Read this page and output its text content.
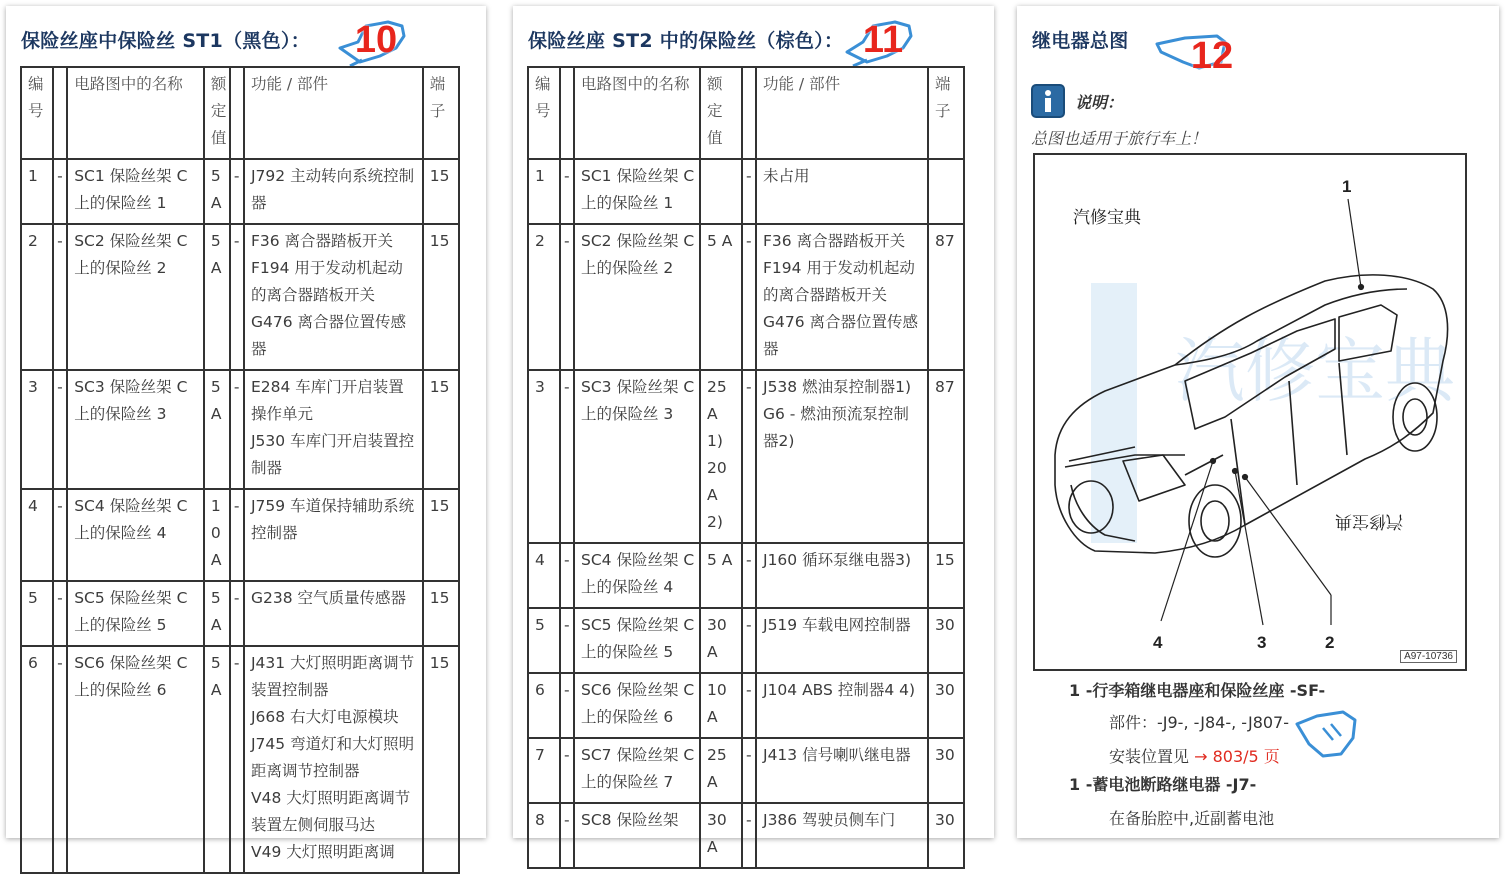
保险丝座中保险丝 ST1（黑色）： 10
编号		电路图中的名称	额定值		功能 / 部件	端子
1	-	SC1 保险丝架 C 上的保险丝 1	5 A	-	J792 主动转向系统控制器	15
2	-	SC2 保险丝架 C 上的保险丝 2	5 A	-	F36 离合器踏板开关
F194 用于发动机起动的离合器踏板开关
G476 离合器位置传感器	15
3	-	SC3 保险丝架 C 上的保险丝 3	5 A	-	E284 车库门开启装置操作单元
J530 车库门开启装置控制器	15
4	-	SC4 保险丝架 C 上的保险丝 4	10 A	-	J759 车道保持辅助系统控制器	15
5	-	SC5 保险丝架 C 上的保险丝 5	5 A	-	G238 空气质量传感器	15
6	-	SC6 保险丝架 C 上的保险丝 6	5 A	-	J431 大灯照明距离调节装置控制器
J668 右大灯电源模块
J745 弯道灯和大灯照明距离调节控制器
V48 大灯照明距离调节装置左侧伺服马达
V49 大灯照明距离调	15
保险丝座 ST2 中的保险丝（棕色）： 11
编号		电路图中的名称	额定值		功能 / 部件	端子
1	-	SC1 保险丝架 C 上的保险丝 1		-	未占用	

2	-	SC2 保险丝架 C 上的保险丝 2	5 A	-	F36 离合器踏板开关
F194 用于发动机起动的离合器踏板开关
G476 离合器位置传感器	87
3	-	SC3 保险丝架 C 上的保险丝 3	25 A 1) 20 A 2)	-	J538 燃油泵控制器1)
G6 - 燃油预流泵控制器2)	87
4	-	SC4 保险丝架 C 上的保险丝 4	5 A	-	J160 循环泵继电器3)	15
5	-	SC5 保险丝架 C 上的保险丝 5	30A	-	J519 车载电网控制器	30
6	-	SC6 保险丝架 C 上的保险丝 6	10 A	-	J104 ABS 控制器4 4)	30
7	-	SC7 保险丝架 C 上的保险丝 7	25 A	-	J413 信号喇叭继电器	30
8	-	SC8 保险丝架	30A	-	J386 驾驶员侧车门	30
继电器总图 12
说明：
总图也适用于旅行车上！
汽修宝典
汽修宝典
汽修宝典
1
2
3
4
A97-10736
1 -行李箱继电器座和保险丝座 -SF-
部件：-J9-, -J84-, -J807-
安装位置见 → 803/5 页
1 -蓄电池断路继电器 -J7-
在备胎腔中,近副蓄电池
